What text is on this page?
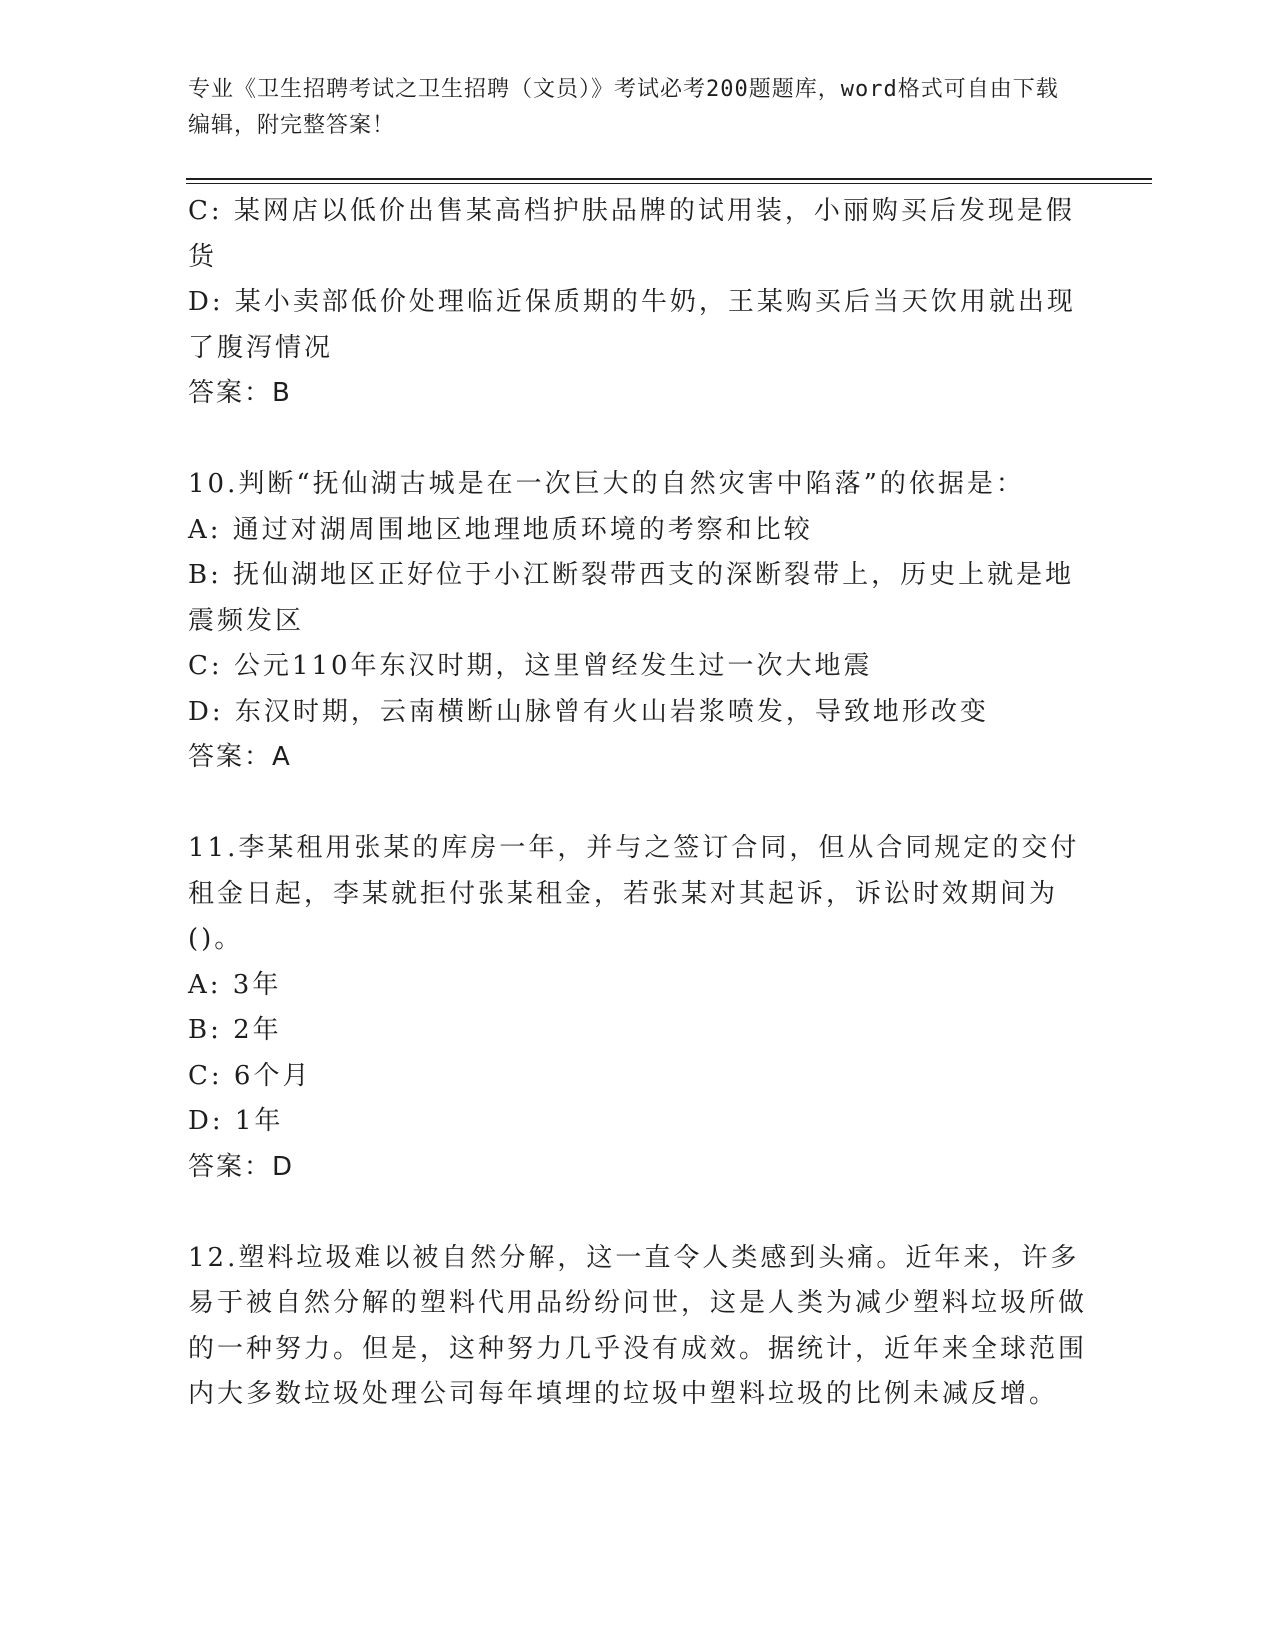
专业《卫生招聘考试之卫生招聘（文员）》考试必考200题题库，word格式可自由下载编辑，附完整答案！

C: 某网店以低价出售某高档护肤品牌的试用装，小丽购买后发现是假货

D: 某小卖部低价处理临近保质期的牛奶，王某购买后当天饮用就出现了腹泻情况

答案：B

10.判断“抚仙湖古城是在一次巨大的自然灾害中陷落”的依据是：

A: 通过对湖周围地区地理地质环境的考察和比较

B: 抚仙湖地区正好位于小江断裂带西支的深断裂带上，历史上就是地震频发区

C: 公元110年东汉时期，这里曾经发生过一次大地震

D: 东汉时期，云南横断山脉曾有火山岩浆喷发，导致地形改变

答案：A

11.李某租用张某的库房一年，并与之签订合同，但从合同规定的交付租金日起，李某就拒付张某租金，若张某对其起诉，诉讼时效期间为()。

A: 3年

B: 2年

C: 6个月

D: 1年

答案：D

12.塑料垃圾难以被自然分解，这一直令人类感到头痛。近年来，许多易于被自然分解的塑料代用品纷纷问世，这是人类为减少塑料垃圾所做的一种努力。但是，这种努力几乎没有成效。据统计，近年来全球范围内大多数垃圾处理公司每年填埋的垃圾中塑料垃圾的比例未减反增。
